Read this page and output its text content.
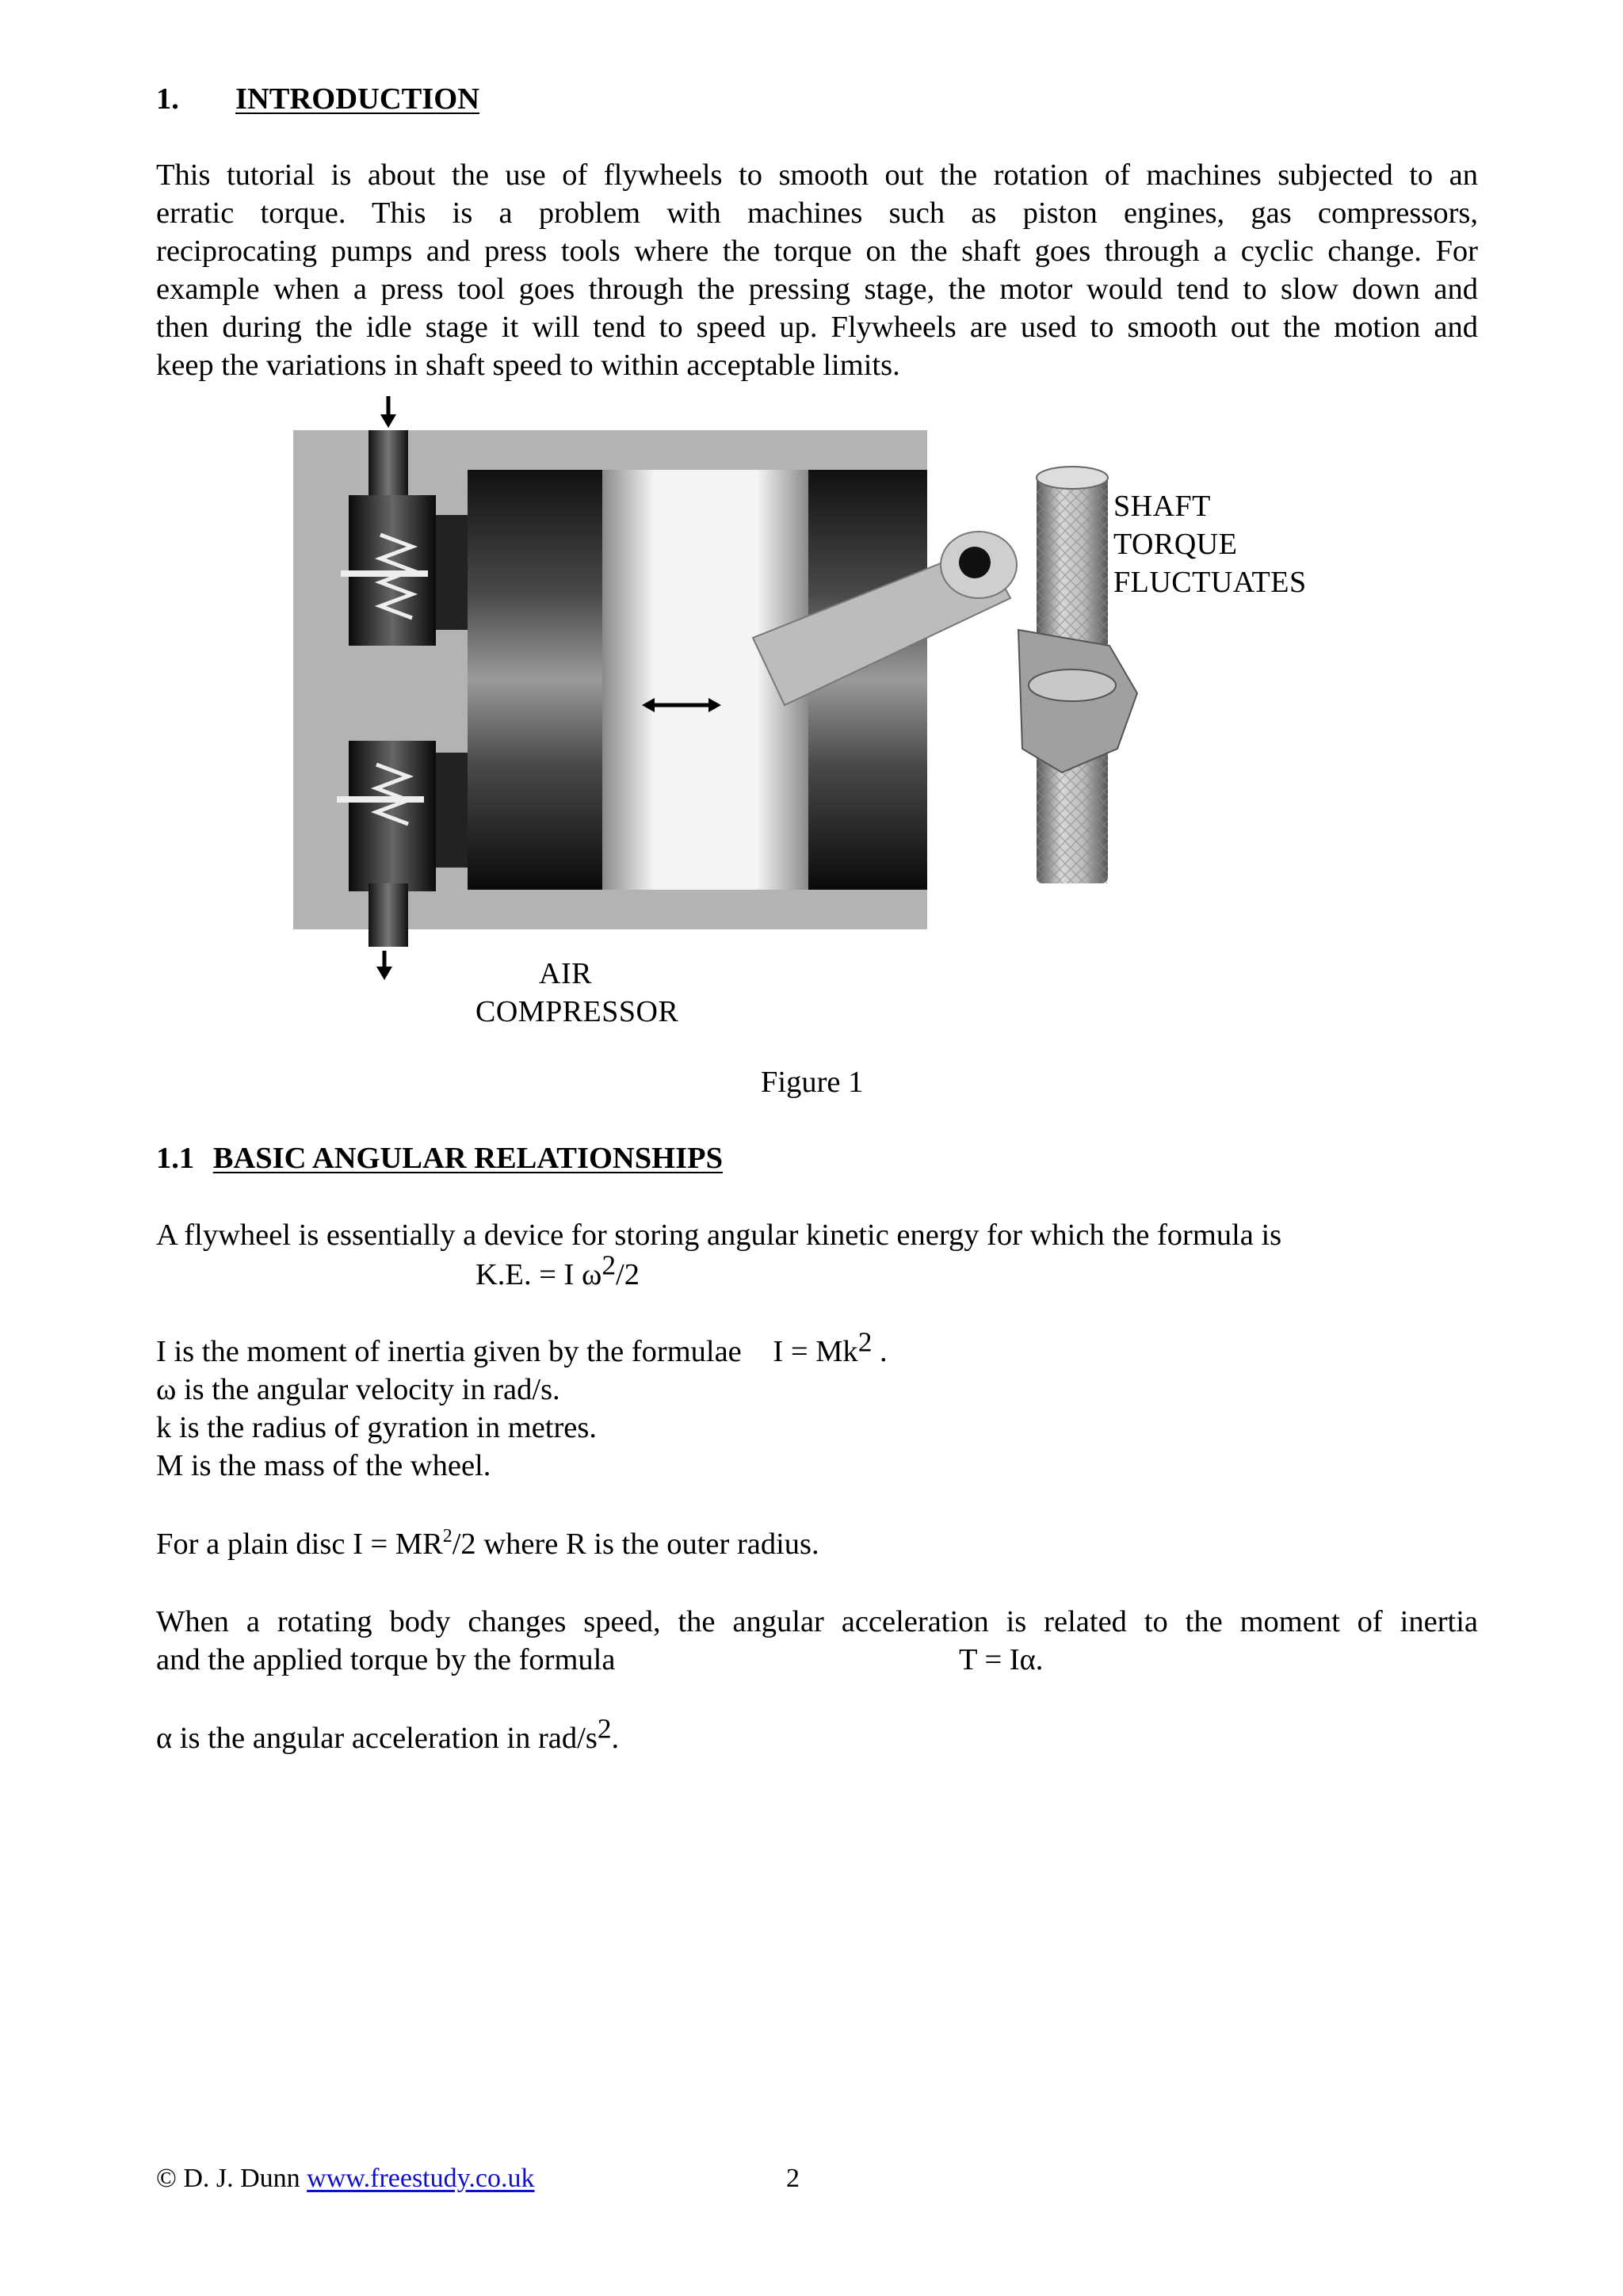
1. INTRODUCTION
This tutorial is about the use of flywheels to smooth out the rotation of machines subjected to an
erratic torque. This is a problem with machines such as piston engines, gas compressors,
reciprocating pumps and press tools where the torque on the shaft goes through a cyclic change. For
example when a press tool goes through the pressing stage, the motor would tend to slow down and
then during the idle stage it will tend to speed up. Flywheels are used to smooth out the motion and
keep the variations in shaft speed to within acceptable limits.
SHAFT
TORQUE
FLUCTUATES
AIR
COMPRESSOR
Figure 1
1.1 BASIC ANGULAR RELATIONSHIPS
A flywheel is essentially a device for storing angular kinetic energy for which the formula is
K.E. = I ω2/2
I is the moment of inertia given by the formulae I = Mk2 .
ω is the angular velocity in rad/s.
k is the radius of gyration in metres.
M is the mass of the wheel.
For a plain disc $I = MR^2/2$ where R is the outer radius.
When a rotating body changes speed, the angular acceleration is related to the moment of inertia
and the applied torque by the formula	T = Iα.
α is the angular acceleration in rad/s2.
© D. J. Dunn www.freestudy.co.uk	2
